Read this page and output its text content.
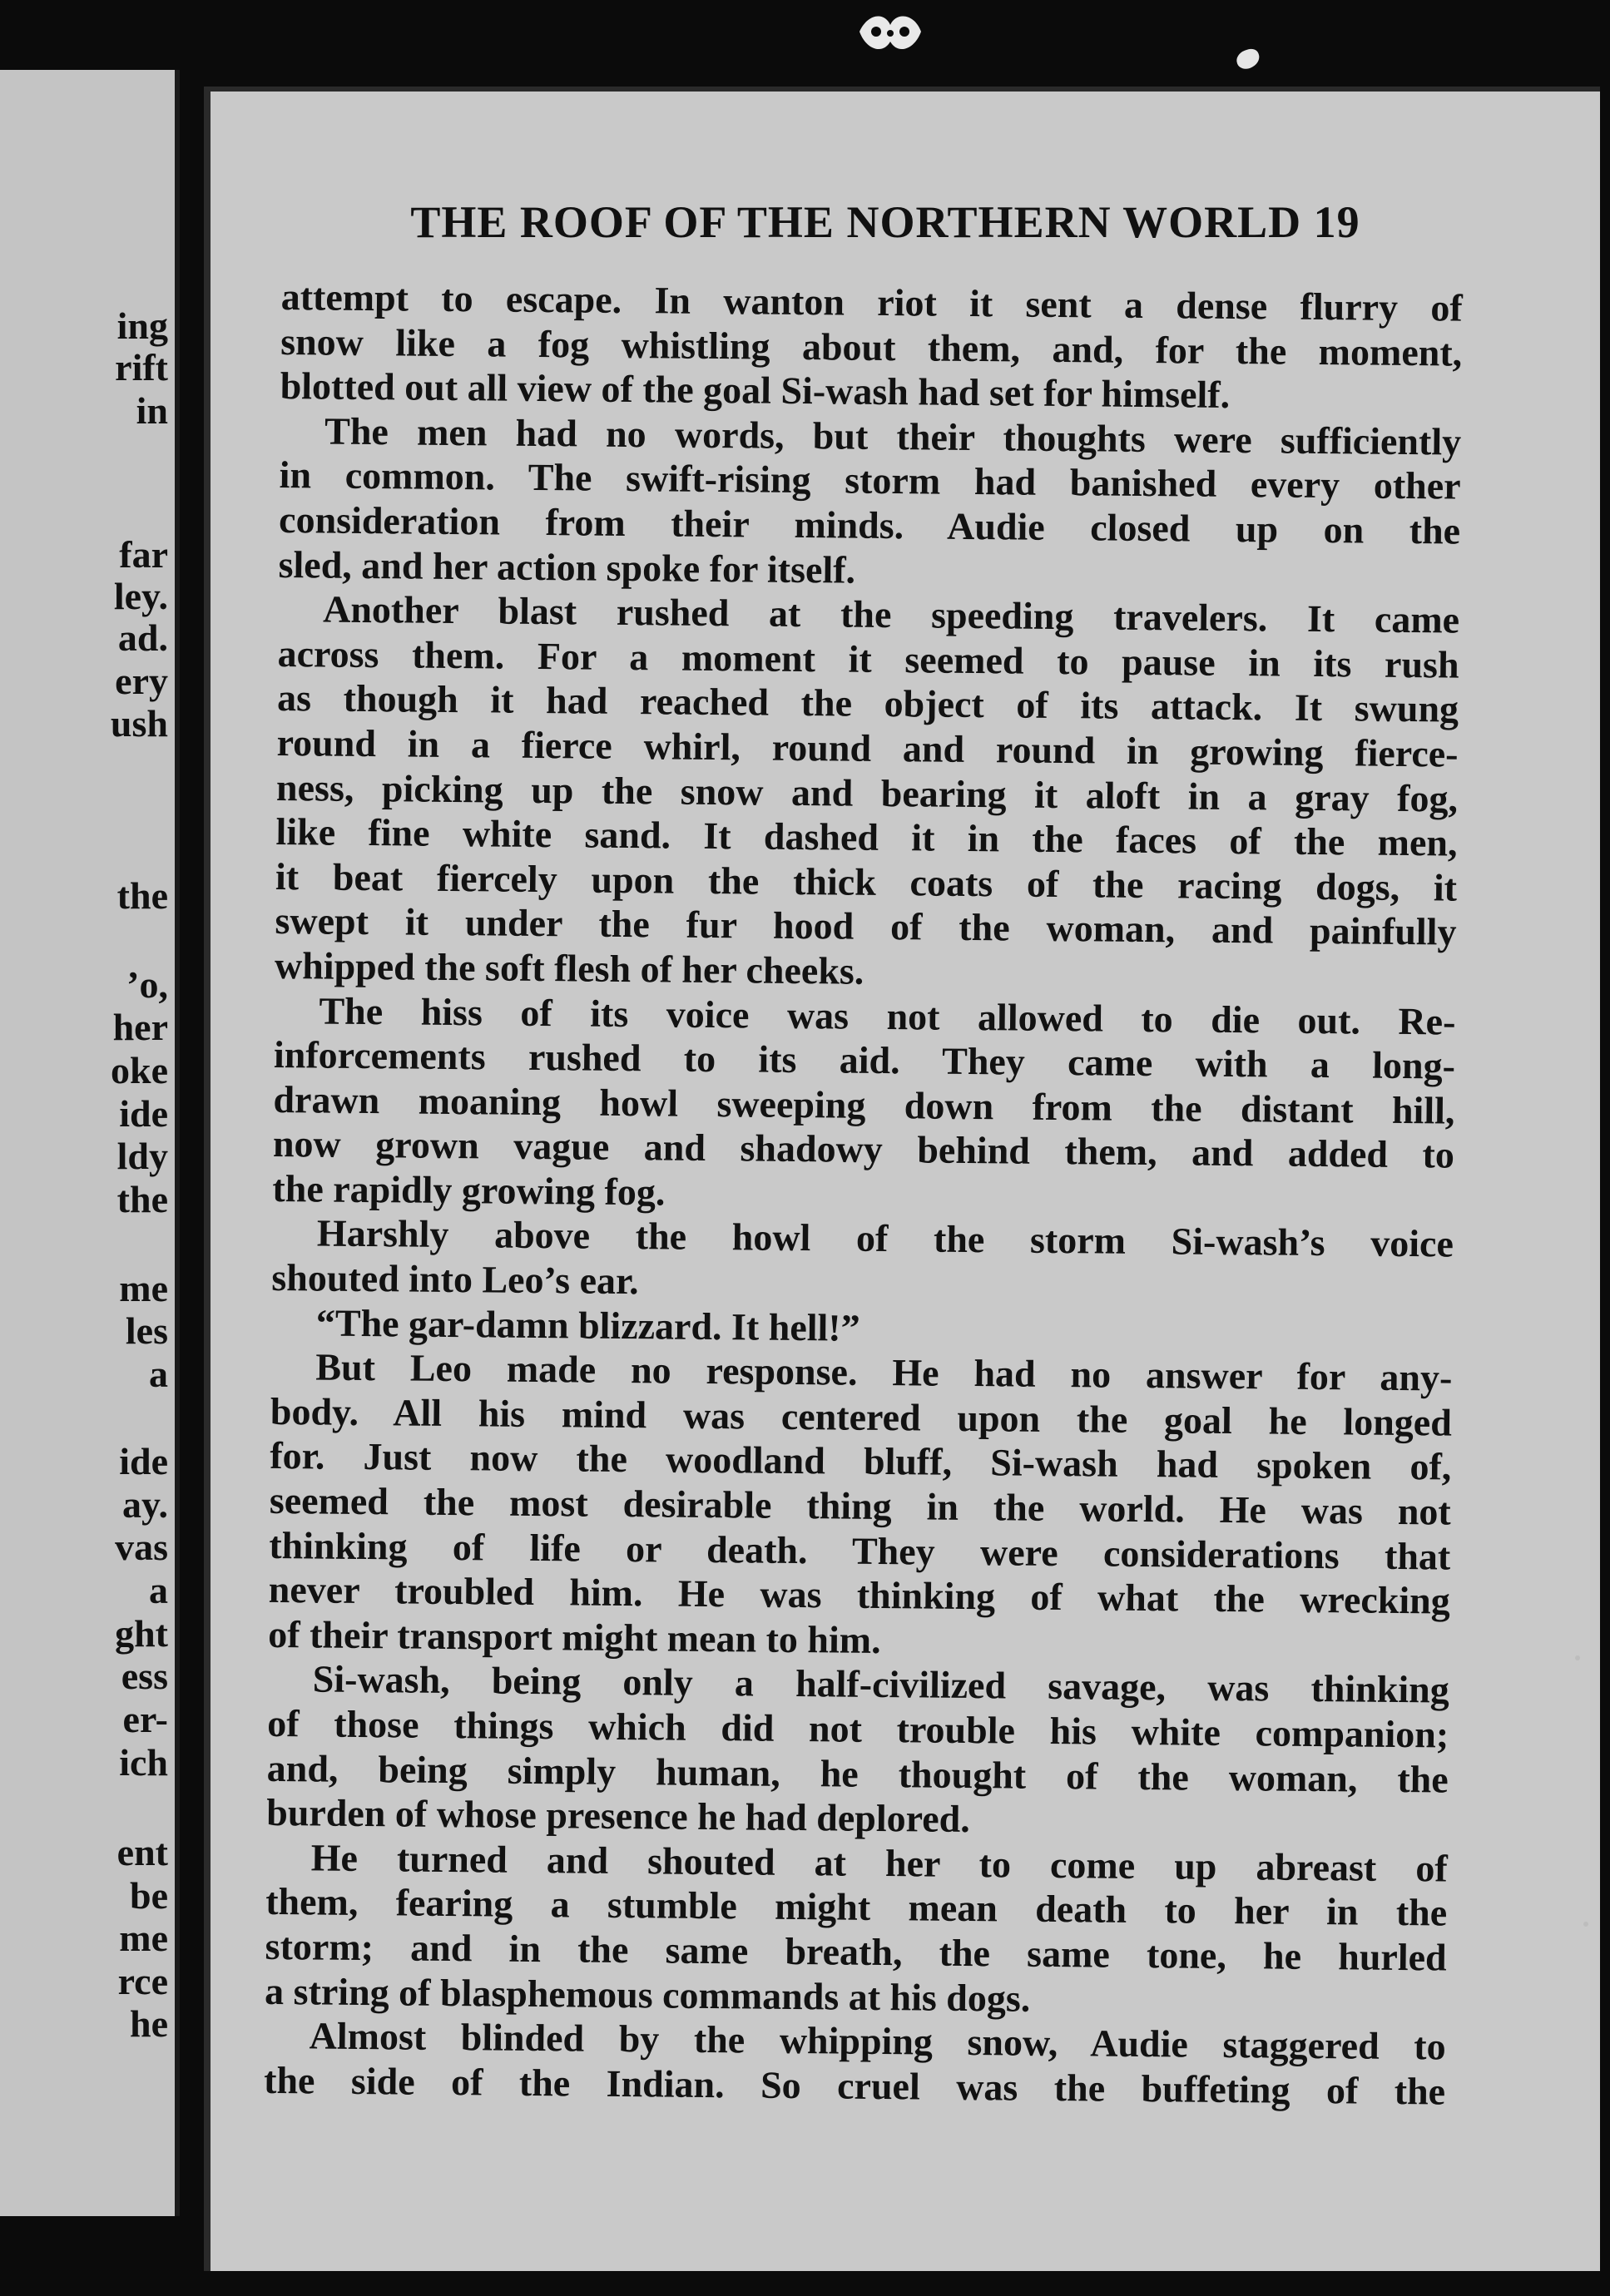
ing
rift
in
far
ley.
ad.
ery
ush
the
’o,
her
oke
ide
ldy
the
me
les
a
ide
ay.
vas
a
ght
ess
er-
ich
ent
be
me
rce
he
THE ROOF OF THE NORTHERN WORLD 19

attempt to escape. In wanton riot it sent a dense flurry of
snow like a fog whistling about them, and, for the moment,
blotted out all view of the goal Si-wash had set for himself.

The men had no words, but their thoughts were sufficiently
in common. The swift-rising storm had banished every other
consideration from their minds. Audie closed up on the
sled, and her action spoke for itself.

Another blast rushed at the speeding travelers. It came
across them. For a moment it seemed to pause in its rush
as though it had reached the object of its attack. It swung
round in a fierce whirl, round and round in growing fierce-
ness, picking up the snow and bearing it aloft in a gray fog,
like fine white sand. It dashed it in the faces of the men,
it beat fiercely upon the thick coats of the racing dogs, it
swept it under the fur hood of the woman, and painfully
whipped the soft flesh of her cheeks.

The hiss of its voice was not allowed to die out. Re-
inforcements rushed to its aid. They came with a long-
drawn moaning howl sweeping down from the distant hill,
now grown vague and shadowy behind them, and added to
the rapidly growing fog.

Harshly above the howl of the storm Si-wash’s voice
shouted into Leo’s ear.

“The gar-damn blizzard. It hell!”

But Leo made no response. He had no answer for any-
body. All his mind was centered upon the goal he longed
for. Just now the woodland bluff, Si-wash had spoken of,
seemed the most desirable thing in the world. He was not
thinking of life or death. They were considerations that
never troubled him. He was thinking of what the wrecking
of their transport might mean to him.

Si-wash, being only a half-civilized savage, was thinking
of those things which did not trouble his white companion;
and, being simply human, he thought of the woman, the
burden of whose presence he had deplored.

He turned and shouted at her to come up abreast of
them, fearing a stumble might mean death to her in the
storm; and in the same breath, the same tone, he hurled
a string of blasphemous commands at his dogs.

Almost blinded by the whipping snow, Audie staggered to
the side of the Indian. So cruel was the buffeting of the
